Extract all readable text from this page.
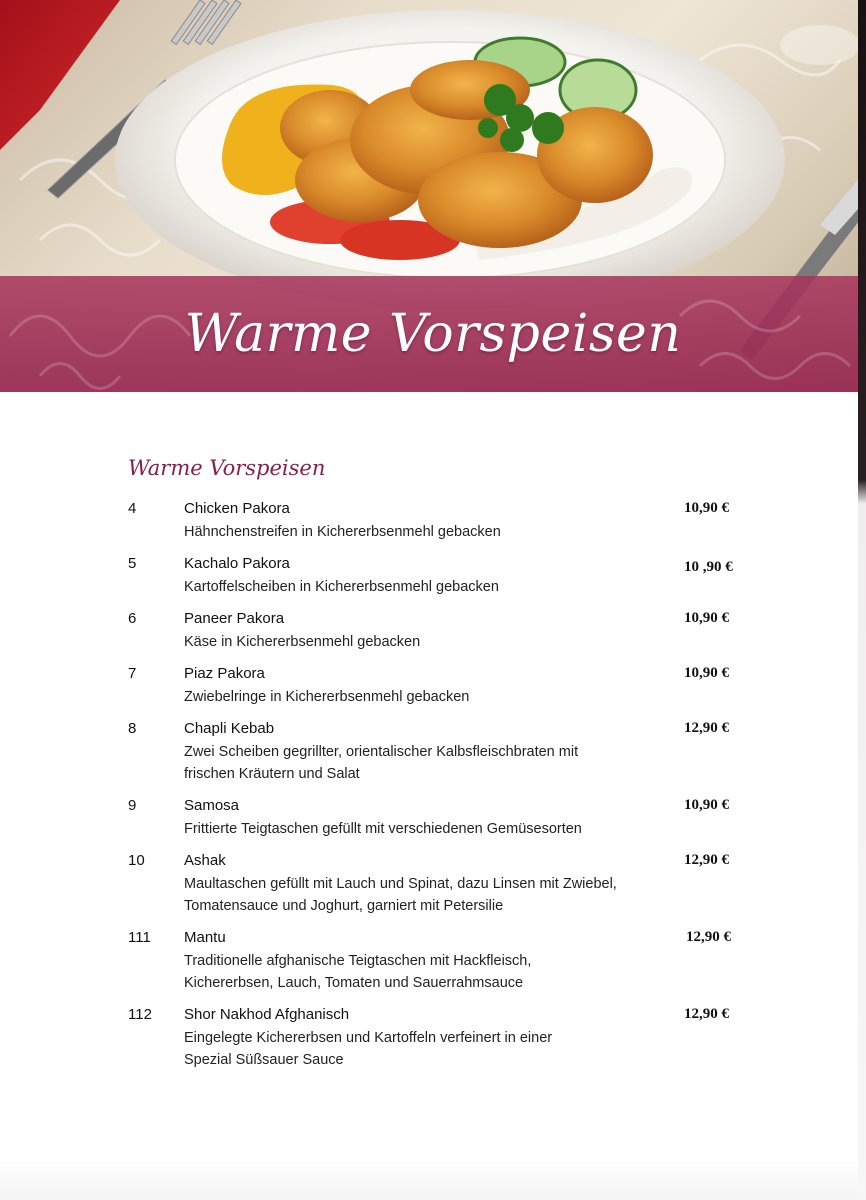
Warme Vorspeisen
Warme Vorspeisen
4	Chicken Pakora
Hähnchenstreifen in Kichererbsenmehl gebacken
10,90 €
5	Kachalo Pakora
Kartoffelscheiben in Kichererbsenmehl gebacken
10 ,90 €
6	Paneer Pakora
Käse in Kichererbsenmehl gebacken
10,90 €
7	Piaz Pakora
Zwiebelringe in Kichererbsenmehl gebacken
10,90 €
8	Chapli Kebab
Zwei Scheiben gegrillter, orientalischer Kalbsfleischbraten mit frischen Kräutern und Salat
12,90 €
9	Samosa
Frittierte Teigtaschen gefüllt mit verschiedenen Gemüsesorten
10,90 €
10	Ashak
Maultaschen gefüllt mit Lauch und Spinat, dazu Linsen mit Zwiebel, Tomatensauce und Joghurt, garniert mit Petersilie
12,90 €
111 Mantu
Traditionelle afghanische Teigtaschen mit Hackfleisch, Kichererbsen, Lauch, Tomaten und Sauerrahmsauce
12,90 €
112 Shor Nakhod Afghanisch
Eingelegte Kichererbsen und Kartoffeln verfeinert in einer Spezial Süßsauer Sauce
12,90 €
